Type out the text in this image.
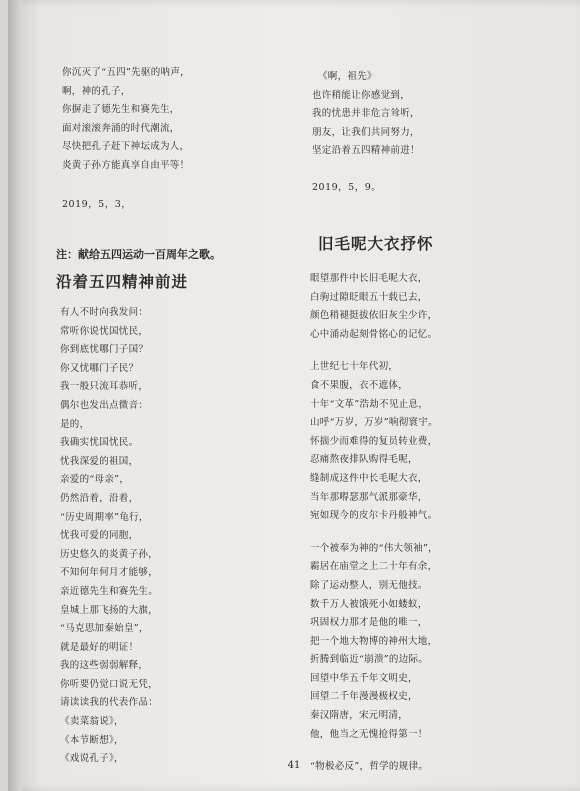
你沉灭了“五四”先驱的呐声，
啊，神的孔子，
你摒走了德先生和赛先生，
面对滚滚奔涌的时代潮流，
尽快把孔子赶下神坛成为人，
炎黄子孙方能真享自由平等！
2019，5，3，
《啊，祖先》
也许稍能让你感觉到，
我的忧患并非危言耸听，
朋友，让我们共同努力，
坚定沿着五四精神前进！
2019，5，9。
注：献给五四运动一百周年之歌。
沿着五四精神前进
有人不时向我发问：
常听你说忧国忧民，
你到底忧哪门子国？
你又忧哪门子民？
我一般只流耳恭听，
偶尔也发出点微音：
是的，
我确实忧国忧民。
忧我深爱的祖国，
亲爱的“母亲”，
仍然沿着，沿着，
“历史周期率”龟行，
忧我可爱的同胞，
历史悠久的炎黄子孙，
不知何年何月才能够，
亲近德先生和赛先生。
皇城上那飞扬的大旗，
“马克思加秦始皇”，
就是最好的明证！
我的这些弱弱解释，
你听要仍觉口说无凭，
请读读我的代表作品：
《卖菜翁说》，
《本节断想》，
《戏说孔子》，
旧毛呢大衣抒怀
眼望那件中长旧毛呢大衣，
白驹过隙眨眼五十载已去，
颜色稍褪挺拔依旧灰尘少许，
心中涌动起刻骨铭心的记忆。
上世纪七十年代初，
食不果腹，衣不遮体，
十年“文革”浩劫不见止息，
山呼“万岁，万岁”响彻寰宇。
怀揣少而难得的复员转业费，
忍痛熬夜排队购得毛呢，
缝制成这件中长毛呢大衣，
当年那嘚瑟那气派那豪华，
宛如现今的皮尔卡丹般神气。
一个被奉为神的“伟大领袖”，
霸居在庙堂之上二十年有余，
除了运动整人，别无他技。
数千万人被饿死小如蝼蚁，
巩固权力那才是他的唯一，
把一个地大物博的神州大地，
折腾到临近“崩溃”的边际。
回望中华五千年文明史，
回望二千年漫漫极权史，
秦汉隋唐，宋元明清，
他，他当之无愧抢得第一！
“物极必反”，哲学的规律。
41
